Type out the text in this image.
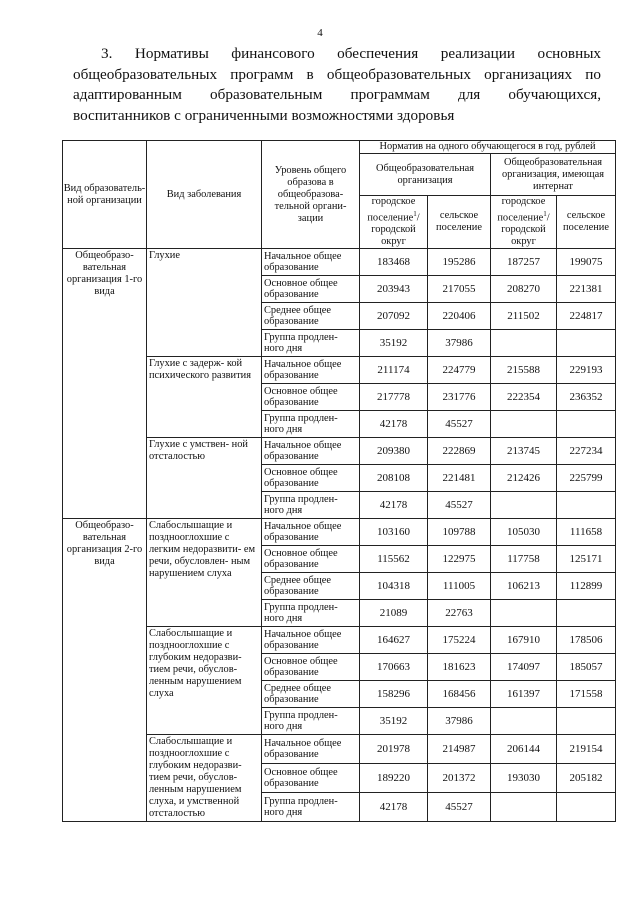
4
3. Нормативы финансового обеспечения реализации основных общеобразовательных программ в общеобразовательных организациях по адаптированным образовательным программам для обучающихся, воспитанников с ограниченными возможностями здоровья
Вид образователь- ной организации	Вид заболевания	Уровень общего образова в общеобразова- тельной органи- зации	Норматив на одного обучающегося в год, рублей			
			Общеобразовательная организация		Общеобразовательная организация, имеющая интернат	
			городское поселение$^1$/ городской округ	сельское поселение	городское поселение$^1$/ городской округ	сельское поселение
Общеобразо- вательная организация 1-го вида	Глухие	Начальное общее образование	183468	195286	187257	199075
		Основное общее образование	203943	217055	208270	221381
		Среднее общее образование	207092	220406	211502	224817
		Группа продлен- ного дня	35192	37986		
	Глухие с задерж- кой психического развития	Начальное общее образование	211174	224779	215588	229193
		Основное общее образование	217778	231776	222354	236352
		Группа продлен- ного дня	42178	45527		
	Глухие с умствен- ной отсталостью	Начальное общее образование	209380	222869	213745	227234
		Основное общее образование	208108	221481	212426	225799
		Группа продлен- ного дня	42178	45527		
Общеобразо- вательная организация 2-го вида	Слабослышащие и позднооглохшие с легким недоразвити- ем речи, обусловлен- ным нарушением слуха	Начальное общее образование	103160	109788	105030	111658
		Основное общее образование	115562	122975	117758	125171
		Среднее общее образование	104318	111005	106213	112899
		Группа продлен- ного дня	21089	22763		
	Слабослышащие и позднооглохшие с глубоким недоразви- тием речи, обуслов- ленным нарушением слуха	Начальное общее образование	164627	175224	167910	178506
		Основное общее образование	170663	181623	174097	185057
		Среднее общее образование	158296	168456	161397	171558
		Группа продлен- ного дня	35192	37986		
	Слабослышащие и позднооглохшие с глубоким недоразви- тием речи, обуслов- ленным нарушением слуха, и умственной отсталостью	Начальное общее образование	201978	214987	206144	219154
		Основное общее образование	189220	201372	193030	205182
		Группа продлен- ного дня	42178	45527		
